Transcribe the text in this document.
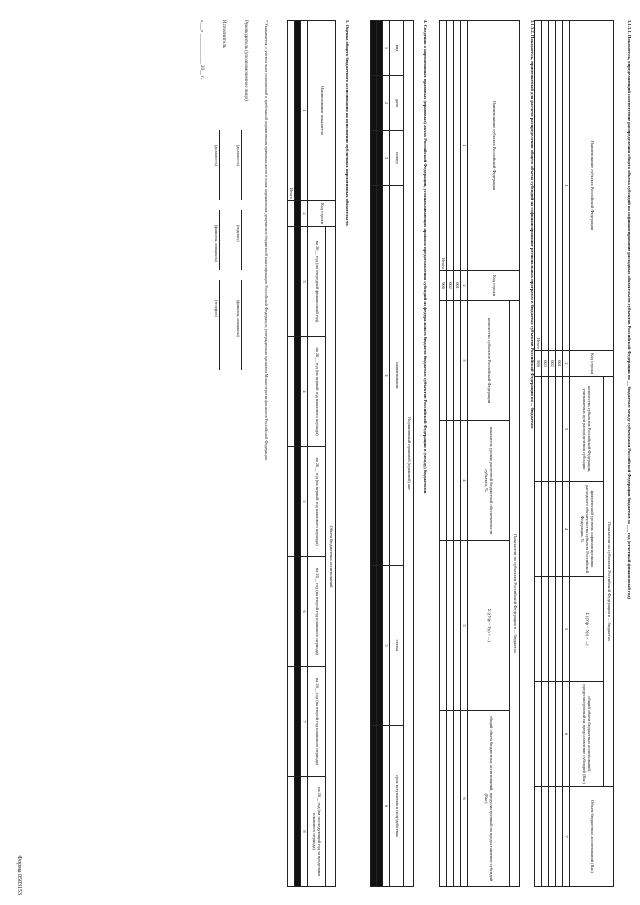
Форма 0503153
3.1.3.1. Показатель, определяющий соответствие распределения общего объема субсидий на софинансирование расходных обязательств субъектов Российской Федерации по __ бюджетам между субъектами Российской Федерации бюджетам за ___ год (отчетный финансовый год)
Наименование субъекта Российской Федерации	Код строки	Показатели по субъектам Российской Федерации в ... бюджетах				Объем бюджетных ассигнований (Rкс)
		количество субъектов Российской Федерации, учитываемых при распределении субсидии	фактический уровень софинансирования расходного обязательства субъекта Российской Федерации, %	Σ ((Уф − Ур) × ...)	общий объем бюджетных ассигнований, предусмотренный на предоставление субсидий (Rкс)	
1	2	3	4	5	6	7
	001					
	002					
	003					
Итого	999					
3.1.3.2. Показатель, применяемый для расчета распределения общего объема субсидий на софинансирование региональных программ в бюджетах субъектов Российской Федерации по ... бюджетам
Наименование субъекта Российской Федерации	Код строки	Показатели по субъектам Российской Федерации в ... бюджетах			
		количество субъектов Российской Федерации	показатель уровня расчетной бюджетной обеспеченности субъекта, %	Σ ((Уф − Ур) × ...)	общий объем бюджетных ассигнований, предусмотренный на предоставление субсидий (Rкс)
1	2	3	4	5	6
	001				
	002				
Итого	900				
4. Сведения о нормативных правовых (правовых) актах Российской Федерации, устанавливающих правила предоставления субсидий из федерального бюджета бюджетам субъектов Российской Федерации в (между) бюджетами
Нормативный правовой (правовой) акт					
вид	дата	номер	наименование	статья	срок вступления в силу/действия
1	2	3	4	5	6

5. Оценка общего бюджетного ассигнования на исполнение публичных нормативных обязательств
Наименование показателя	Код строки	Объем бюджетных ассигнований					
		на 20__ год (на очередной финансовый год)	на 20__ год (на первый год планового периода)	на 20__ год (на первый год планового периода)	на 20__ год (на второй год планового периода)	на 20__ год (на второй год планового периода)	на 20__ год (на последующий год за пределами планового периода)
1	2	3	4	5	6	7	8

Итого							
* Указывается, с учетом чьих полномочий и требований нормативных правовых актов и иных нормативных документов бюджетной классификации Российской Федерации, утвержденных приказом Министерства финансов Российской Федерации.
Руководитель (уполномоченное лицо)
(должность)
(подпись)
(фамилия, инициалы)
Исполнитель
(должность)
(фамилия, инициалы)
(телефон)
«___» ____________ 20__ г.
